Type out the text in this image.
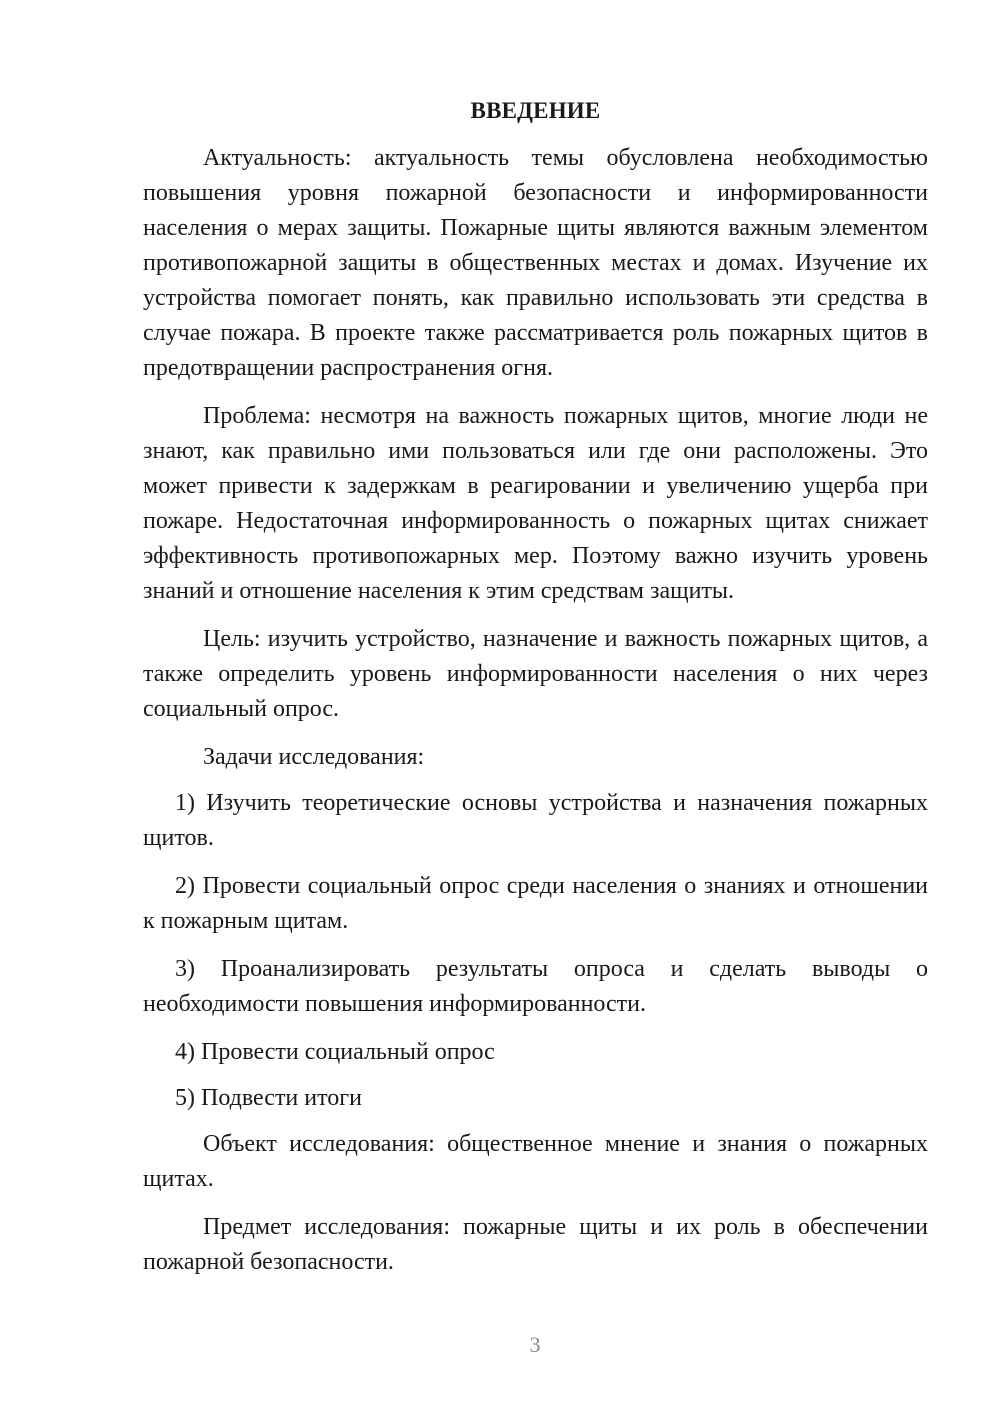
ВВЕДЕНИЕ

Актуальность: актуальность темы обусловлена необходимостью повышения уровня пожарной безопасности и информированности населения о мерах защиты. Пожарные щиты являются важным элементом противопожарной защиты в общественных местах и домах. Изучение их устройства помогает понять, как правильно использовать эти средства в случае пожара. В проекте также рассматривается роль пожарных щитов в предотвращении распространения огня.

Проблема: несмотря на важность пожарных щитов, многие люди не знают, как правильно ими пользоваться или где они расположены. Это может привести к задержкам в реагировании и увеличению ущерба при пожаре. Недостаточная информированность о пожарных щитах снижает эффективность противопожарных мер. Поэтому важно изучить уровень знаний и отношение населения к этим средствам защиты.

Цель: изучить устройство, назначение и важность пожарных щитов, а также определить уровень информированности населения о них через социальный опрос.

Задачи исследования:

1) Изучить теоретические основы устройства и назначения пожарных щитов.

2) Провести социальный опрос среди населения о знаниях и отношении к пожарным щитам.

3) Проанализировать результаты опроса и сделать выводы о необходимости повышения информированности.

4) Провести социальный опрос

5) Подвести итоги

Объект исследования: общественное мнение и знания о пожарных щитах.

Предмет исследования: пожарные щиты и их роль в обеспечении пожарной безопасности.

3
